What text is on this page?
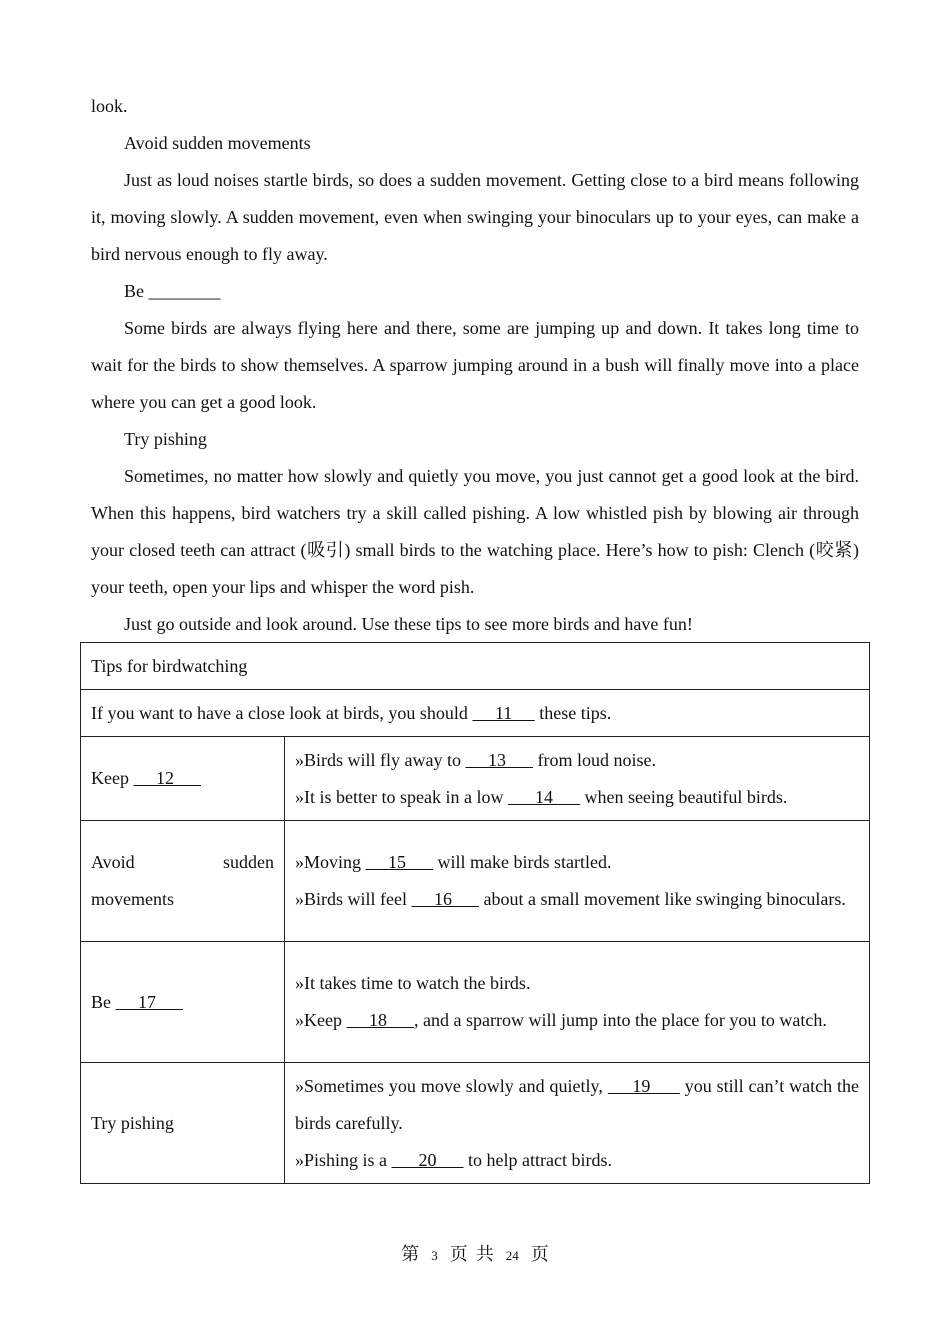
look.

Avoid sudden movements

Just as loud noises startle birds, so does a sudden movement. Getting close to a bird means following it, moving slowly. A sudden movement, even when swinging your binoculars up to your eyes, can make a bird nervous enough to fly away.

Be ________

Some birds are always flying here and there, some are jumping up and down. It takes long time to wait for the birds to show themselves. A sparrow jumping around in a bush will finally move into a place where you can get a good look.

Try pishing

Sometimes, no matter how slowly and quietly you move, you just cannot get a good look at the bird. When this happens, bird watchers try a skill called pishing. A low whistled pish by blowing air through your closed teeth can attract (吸引) small birds to the watching place. Here’s how to pish: Clench (咬紧) your teeth, open your lips and whisper the word pish.

Just go outside and look around. Use these tips to see more birds and have fun!

Tips for birdwatching	
If you want to have a close look at birds, you should      11      these tips.	
Keep      12	»Birds will fly away to      13       from loud noise.
»It is better to speak in a low       14       when seeing beautiful birds.

Avoid sudden movements	»Moving      15       will make birds startled.
»Birds will feel      16       about a small movement like swinging binoculars.

Be      17	»It takes time to watch the birds.
»Keep      18      , and a sparrow will jump into the place for you to watch.

Try pishing	»Sometimes you move slowly and quietly,      19       you still can’t watch the birds carefully.
»Pishing is a       20       to help attract birds.
第 3 页 共 24 页
